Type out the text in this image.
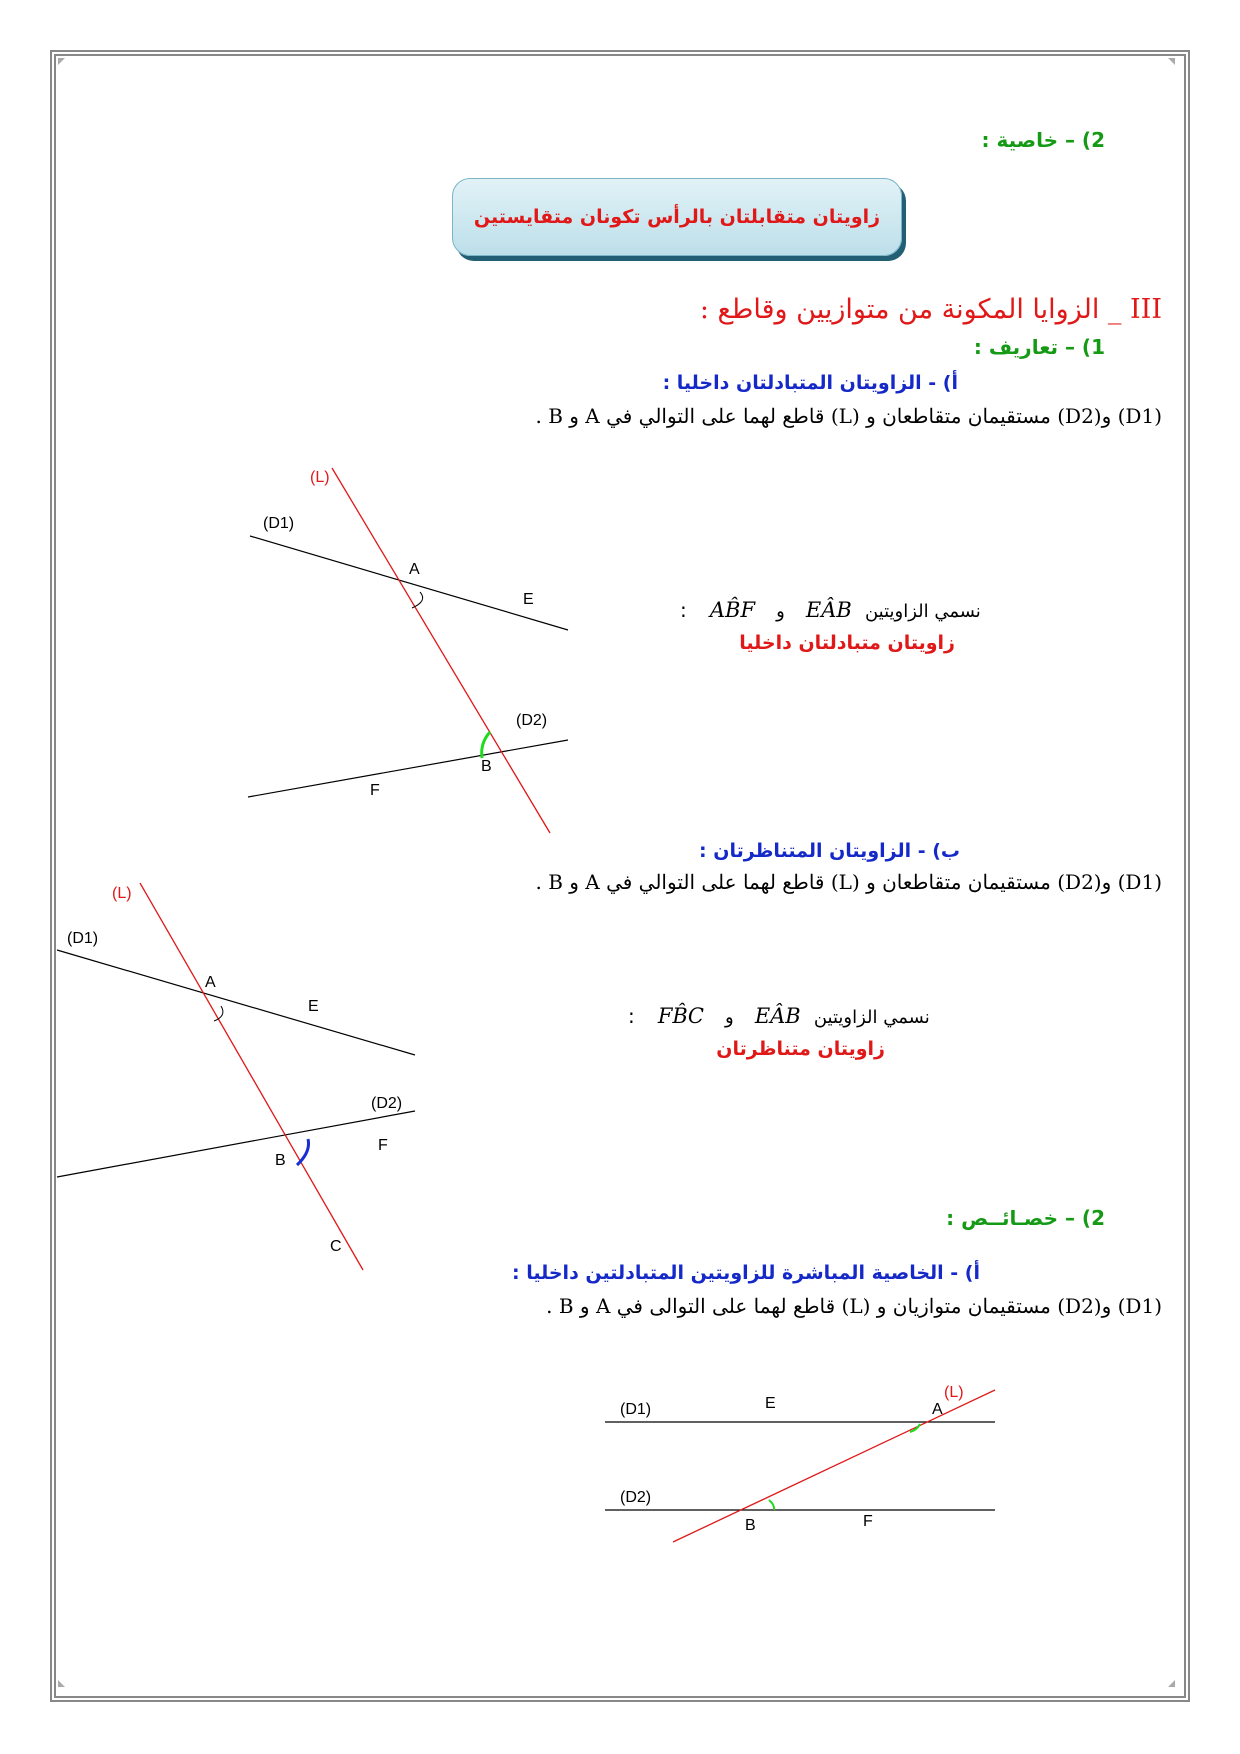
2) – خاصية :
زاويتان متقابلتان بالرأس تكونان متقايستين
III _ الزوايا المكونة من متوازيين وقاطع :
1) – تعاريف :
أ) - الزاويتان المتبادلتان داخليا :
(D1) و(D2) مستقيمان متقاطعان و (L) قاطع لهما على التوالي في A و B .
(L)
(D1)
A
E
(D2)
B
F
: AB̂F و EÂB نسمي الزاويتين
زاويتان متبادلتان داخليا
ب) - الزاويتان المتناظرتان :
(D1) و(D2) مستقيمان متقاطعان و (L) قاطع لهما على التوالي في A و B .
(L)
(D1)
A
E
(D2)
F
B
C
: FB̂C و EÂB نسمي الزاويتين
زاويتان متناظرتان
2) – خصـائــص :
أ) - الخاصية المباشرة للزاويتين المتبادلتين داخليا :
(D1) و(D2) مستقيمان متوازيان و (L) قاطع لهما على التوالى في A و B .
(D1)	E	A
(L)
(D2)
B	F
